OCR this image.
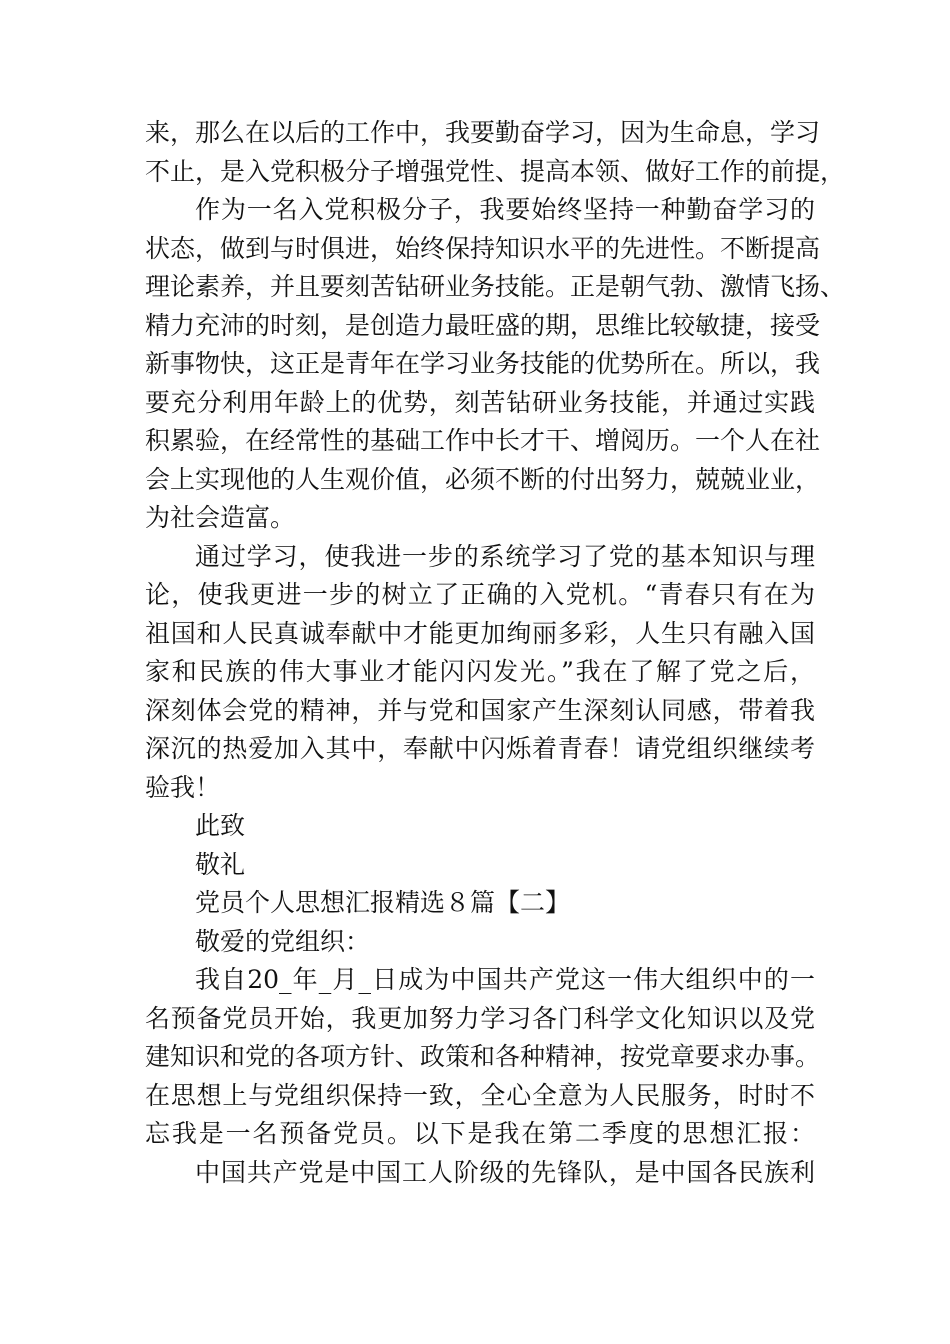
来，那么在以后的工作中，我要勤奋学习，因为生命息，学习
不止，是入党积极分子增强党性、提高本领、做好工作的前提，
作为一名入党积极分子，我要始终坚持一种勤奋学习的
状态，做到与时俱进，始终保持知识水平的先进性。不断提高
理论素养，并且要刻苦钻研业务技能。正是朝气勃、激情飞扬、
精力充沛的时刻，是创造力最旺盛的期，思维比较敏捷，接受
新事物快，这正是青年在学习业务技能的优势所在。所以，我
要充分利用年龄上的优势，刻苦钻研业务技能，并通过实践
积累验，在经常性的基础工作中长才干、增阅历。一个人在社
会上实现他的人生观价值，必须不断的付出努力，兢兢业业，
为社会造富。
通过学习，使我进一步的系统学习了党的基本知识与理
论，使我更进一步的树立了正确的入党机。“青春只有在为
祖国和人民真诚奉献中才能更加绚丽多彩，人生只有融入国
家和民族的伟大事业才能闪闪发光。”我在了解了党之后，
深刻体会党的精神，并与党和国家产生深刻认同感，带着我
深沉的热爱加入其中，奉献中闪烁着青春！请党组织继续考
验我！
此致
敬礼
党员个人思想汇报精选８篇【二】
敬爱的党组织：
我自20_年_月_日成为中国共产党这一伟大组织中的一
名预备党员开始，我更加努力学习各门科学文化知识以及党
建知识和党的各项方针、政策和各种精神，按党章要求办事。
在思想上与党组织保持一致，全心全意为人民服务，时时不
忘我是一名预备党员。以下是我在第二季度的思想汇报：
中国共产党是中国工人阶级的先锋队，是中国各民族利
